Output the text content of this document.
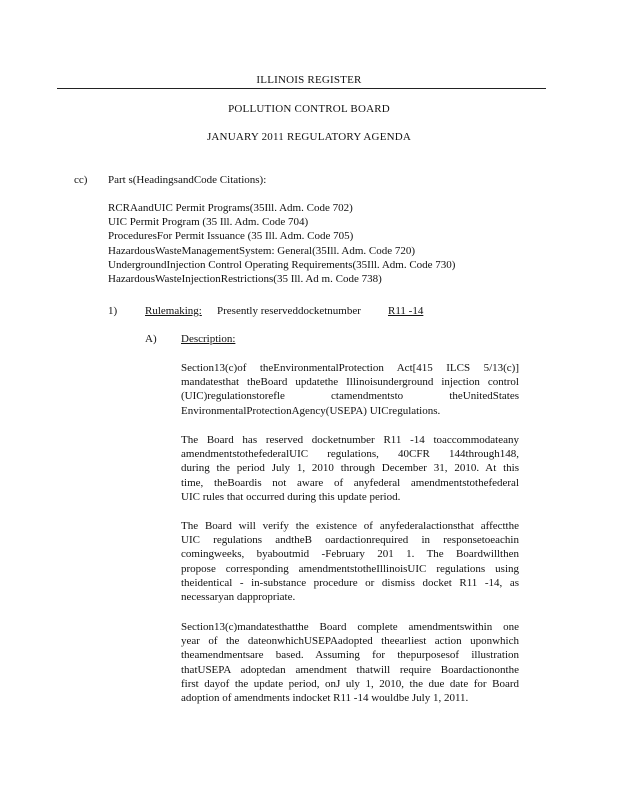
ILLINOIS REGISTER
POLLUTION CONTROL BOARD
JANUARY 2011 REGULATORY AGENDA
cc) Part s(HeadingsandCode Citations):
RCRAandUIC Permit Programs(35Ill. Adm. Code 702)
UIC Permit Program (35 Ill. Adm. Code 704)
ProceduresFor Permit Issuance (35 Ill. Adm. Code 705)
HazardousWasteManagementSystem: General(35Ill. Adm. Code 720)
UndergroundInjection Control Operating Requirements(35Ill. Adm. Code 730)
HazardousWasteInjectionRestrictions(35 Ill. Ad m. Code 738)
1)	Rulemaking: Presently reserveddocketnumber R11 -14
A) Description:
Section13(c)of theEnvironmentalProtection Act[415 ILCS 5/13(c)]
mandatesthat theBoard updatethe Illinoisunderground injection control
(UIC)regulationstorefle ctamendmentsto theUnitedStates
EnvironmentalProtectionAgency(USEPA) UICregulations.
The Board has reserved docketnumber R11 -14 toaccommodateany
amendmentstothefederalUIC regulations, 40CFR 144through148,
during the period July 1, 2010 through December 31, 2010. At this
time, theBoardis not aware of anyfederal amendmentstothefederal
UIC rules that occurred during this update period.
The Board will verify the existence of anyfederalactionsthat affectthe
UIC regulations andtheB oardactionrequired in responsetoeachin
comingweeks, byaboutmid -February 201 1. The Boardwillthen
propose corresponding amendmentstotheIllinoisUIC regulations using
theidentical - in-substance procedure or dismiss docket R11 -14, as
necessaryan dappropriate.
Section13(c)mandatesthatthe Board complete amendmentswithin one
year of the dateonwhichUSEPAadopted theearliest action uponwhich
theamendmentsare based. Assuming for thepurposesof illustration
thatUSEPA adoptedan amendment thatwill require Boardactiononthe
first dayof the update period, onJ uly 1, 2010, the due date for Board
adoption of amendments indocket R11 -14 wouldbe July 1, 2011.
